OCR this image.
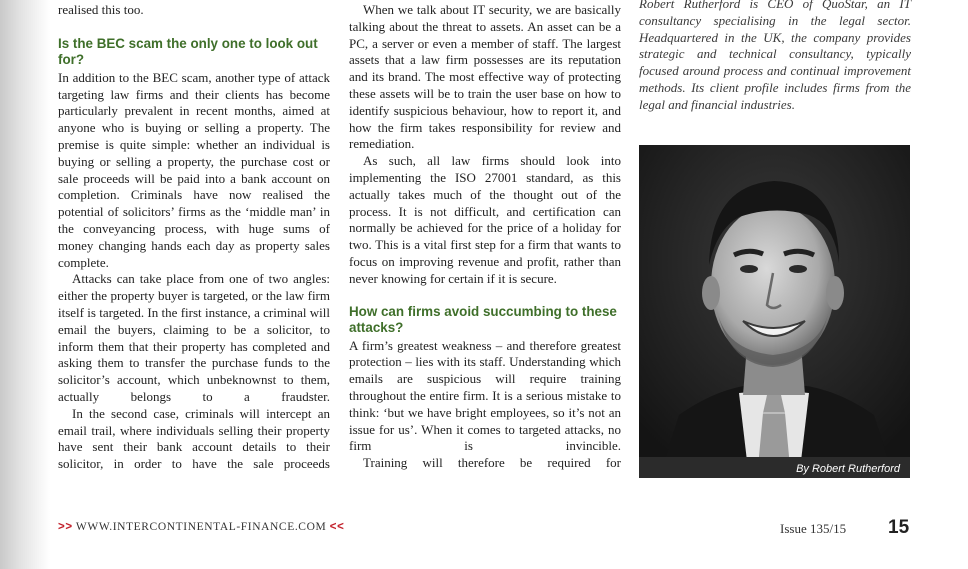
realised this too.

Is the BEC scam the only one to look out for?

In addition to the BEC scam, another type of attack targeting law firms and their clients has become particularly prevalent in recent months, aimed at anyone who is buying or selling a property. The premise is quite simple: whether an individual is buying or selling a property, the purchase cost or sale proceeds will be paid into a bank account on completion. Criminals have now realised the potential of solicitors’ firms as the ‘middle man’ in the conveyancing process, with huge sums of money changing hands each day as property sales complete.

Attacks can take place from one of two angles: either the property buyer is targeted, or the law firm itself is targeted. In the first instance, a criminal will email the buyers, claiming to be a solicitor, to inform them that their property has completed and asking them to transfer the purchase funds to the solicitor’s account, which unbeknownst to them, actually belongs to a fraudster.

In the second case, criminals will intercept an email trail, where individuals selling their property have sent their bank account details to their solicitor, in order to have the sale proceeds

When we talk about IT security, we are basically talking about the threat to assets. An asset can be a PC, a server or even a member of staff. The largest assets that a law firm possesses are its reputation and its brand. The most effective way of protecting these assets will be to train the user base on how to identify suspicious behaviour, how to report it, and how the firm takes responsibility for review and remediation.

As such, all law firms should look into implementing the ISO 27001 standard, as this actually takes much of the thought out of the process. It is not difficult, and certification can normally be achieved for the price of a holiday for two. This is a vital first step for a firm that wants to focus on improving revenue and profit, rather than never knowing for certain if it is secure.

How can firms avoid succumbing to these attacks?

A firm’s greatest weakness – and therefore greatest protection – lies with its staff. Understanding which emails are suspicious will require training throughout the entire firm. It is a serious mistake to think: ‘but we have bright employees, so it’s not an issue for us’. When it comes to targeted attacks, no firm is invincible.

Training will therefore be required for

Robert Rutherford is CEO of QuoStar, an IT consultancy specialising in the legal sector. Headquartered in the UK, the company provides strategic and technical consultancy, typically focused around process and continual improvement methods. Its client profile includes firms from the legal and financial industries.

By Robert Rutherford
>> WWW.INTERCONTINENTAL-FINANCE.COM <<	Issue 135/15 15
